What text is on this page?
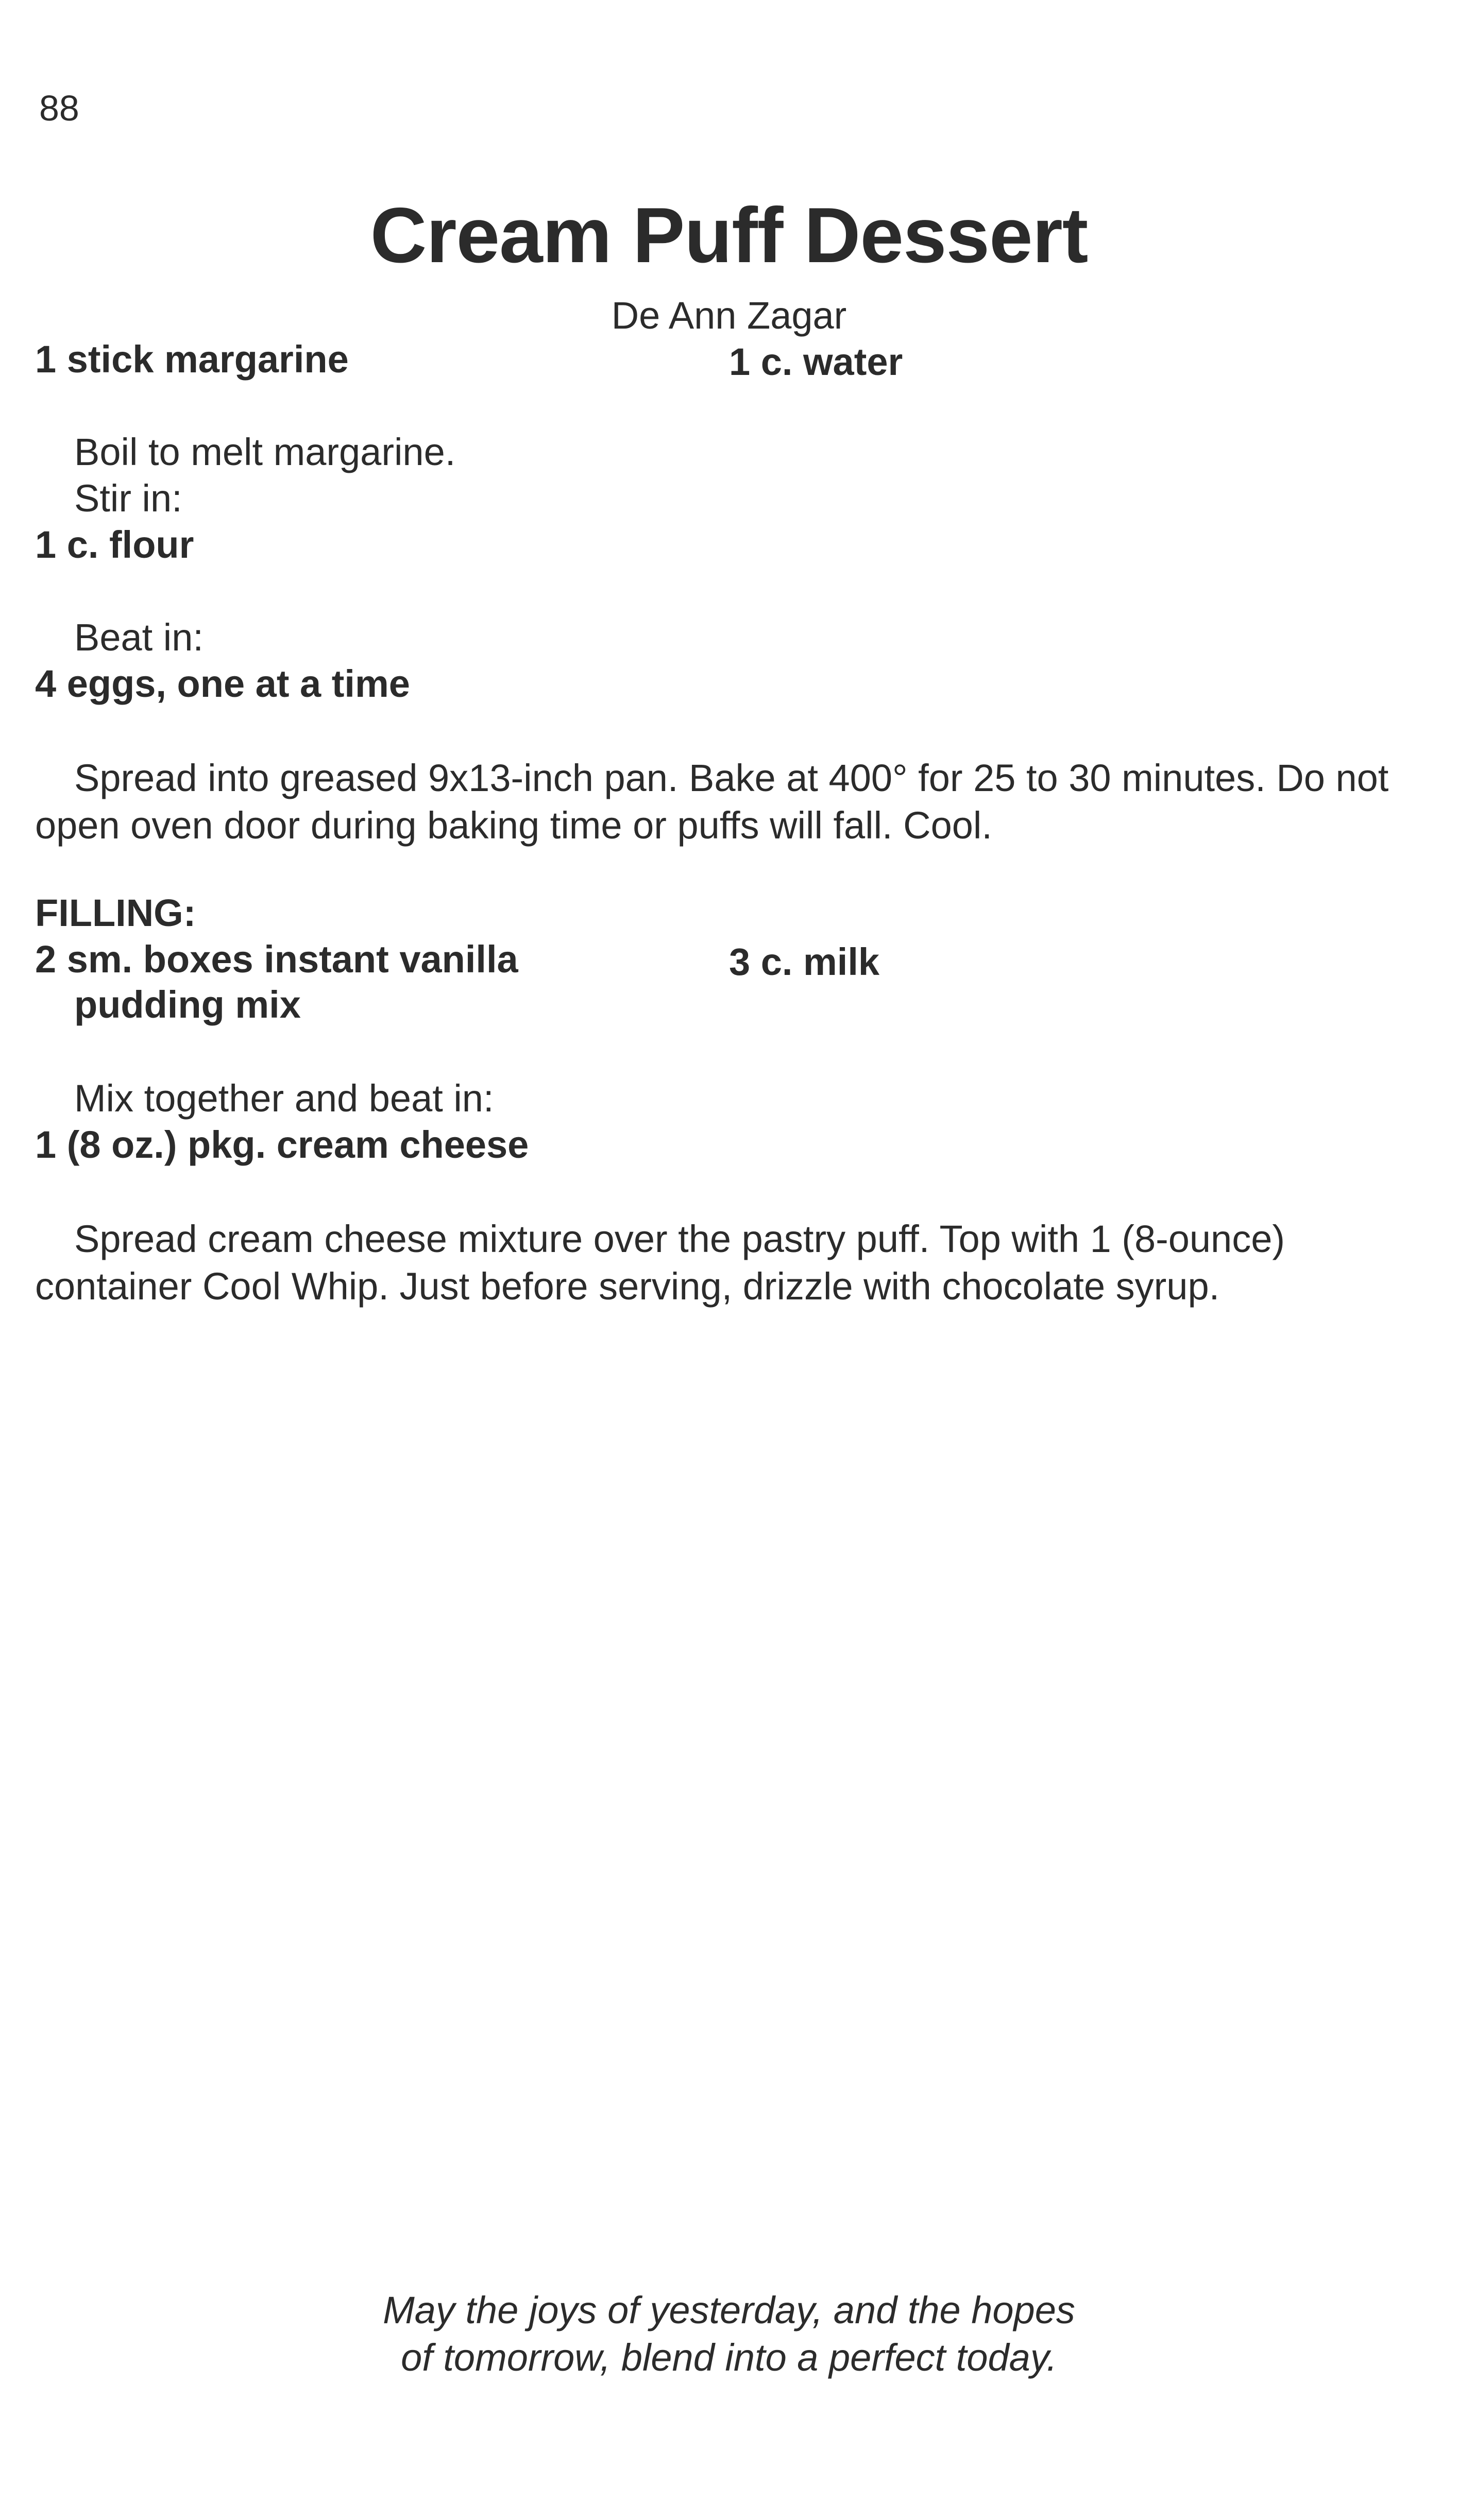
88
Cream Puff Dessert
De Ann Zagar
1 stick margarine	1 c. water
Boil to melt margarine.
Stir in:
1 c. flour
Beat in:
4 eggs, one at a time
Spread into greased 9x13-inch pan. Bake at 400° for 25 to 30 minutes. Do not open oven door during baking time or puffs will fall. Cool.
FILLING:
2 sm. boxes instant vanilla
pudding mix
3 c. milk
Mix together and beat in:
1 (8 oz.) pkg. cream cheese
Spread cream cheese mixture over the pastry puff. Top with 1 (8-ounce) container Cool Whip. Just before serving, drizzle with chocolate syrup.
May the joys of yesterday, and the hopes
of tomorrow, blend into a perfect today.
